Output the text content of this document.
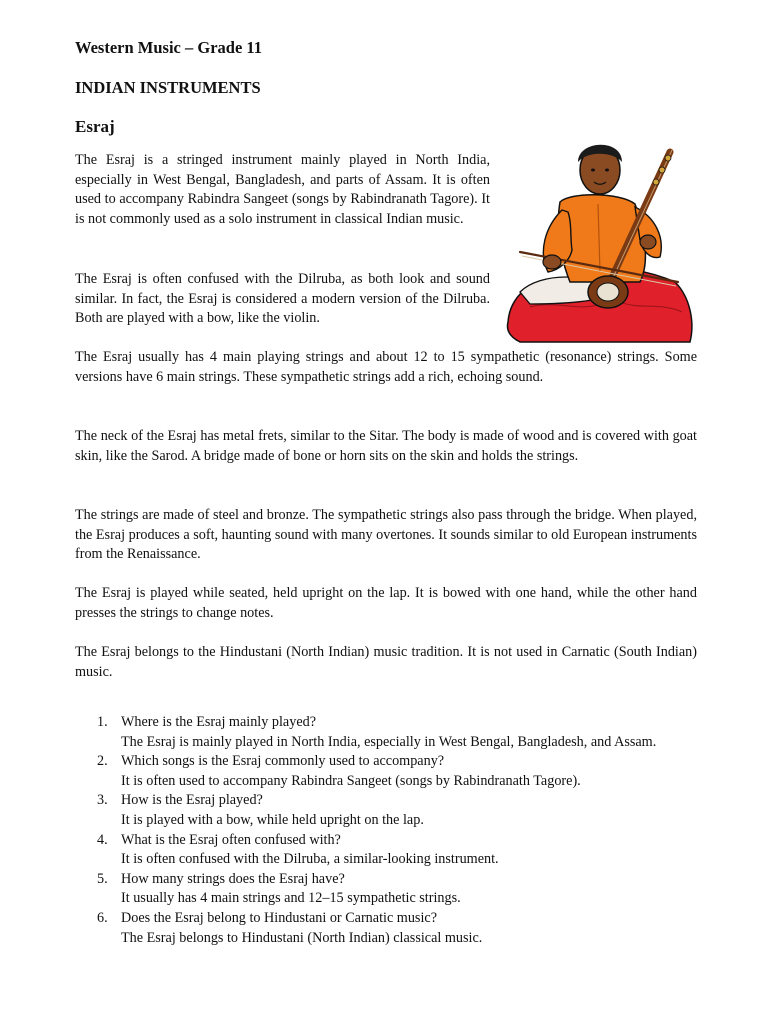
Western Music – Grade 11
INDIAN INSTRUMENTS
Esraj

The Esraj is a stringed instrument mainly played in North India, especially in West Bengal, Bangladesh, and parts of Assam. It is often used to accompany Rabindra Sangeet (songs by Rabindranath Tagore). It is not commonly used as a solo instrument in classical Indian music.

The Esraj is often confused with the Dilruba, as both look and sound similar. In fact, the Esraj is considered a modern version of the Dilruba. Both are played with a bow, like the violin.

The Esraj usually has 4 main playing strings and about 12 to 15 sympathetic (resonance) strings. Some versions have 6 main strings. These sympathetic strings add a rich, echoing sound.

The neck of the Esraj has metal frets, similar to the Sitar. The body is made of wood and is covered with goat skin, like the Sarod. A bridge made of bone or horn sits on the skin and holds the strings.

The strings are made of steel and bronze. The sympathetic strings also pass through the bridge. When played, the Esraj produces a soft, haunting sound with many overtones. It sounds similar to old European instruments from the Renaissance.

The Esraj is played while seated, held upright on the lap. It is bowed with one hand, while the other hand presses the strings to change notes.

The Esraj belongs to the Hindustani (North Indian) music tradition. It is not used in Carnatic (South Indian) music.

1. Where is the Esraj mainly played?
The Esraj is mainly played in North India, especially in West Bengal, Bangladesh, and Assam.
2. Which songs is the Esraj commonly used to accompany?
It is often used to accompany Rabindra Sangeet (songs by Rabindranath Tagore).
3. How is the Esraj played?
It is played with a bow, while held upright on the lap.
4. What is the Esraj often confused with?
It is often confused with the Dilruba, a similar-looking instrument.
5. How many strings does the Esraj have?
It usually has 4 main strings and 12–15 sympathetic strings.
6. Does the Esraj belong to Hindustani or Carnatic music?
The Esraj belongs to Hindustani (North Indian) classical music.
